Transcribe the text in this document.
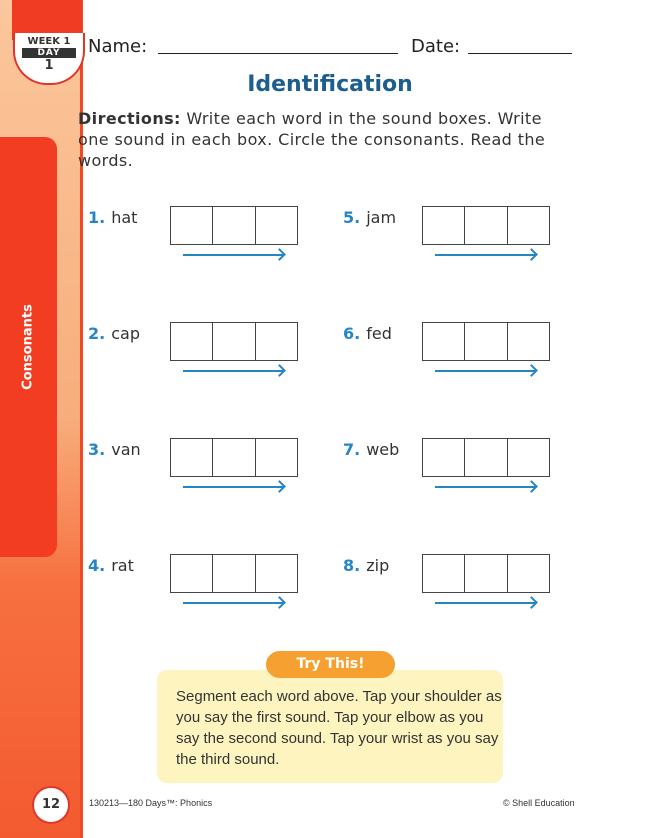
WEEK 1
DAY
1
Consonants
Name:	Date:
Identification
Directions: Write each word in the sound boxes. Write one sound in each box. Circle the consonants. Read the words.
1. hat
2. cap
3. van
4. rat
5. jam
6. fed
7. web
8. zip

Segment each word above. Tap your shoulder as you say the first sound. Tap your elbow as you say the second sound. Tap your wrist as you say the third sound.

Try This!
12	130213—180 Days™: Phonics	© Shell Education
